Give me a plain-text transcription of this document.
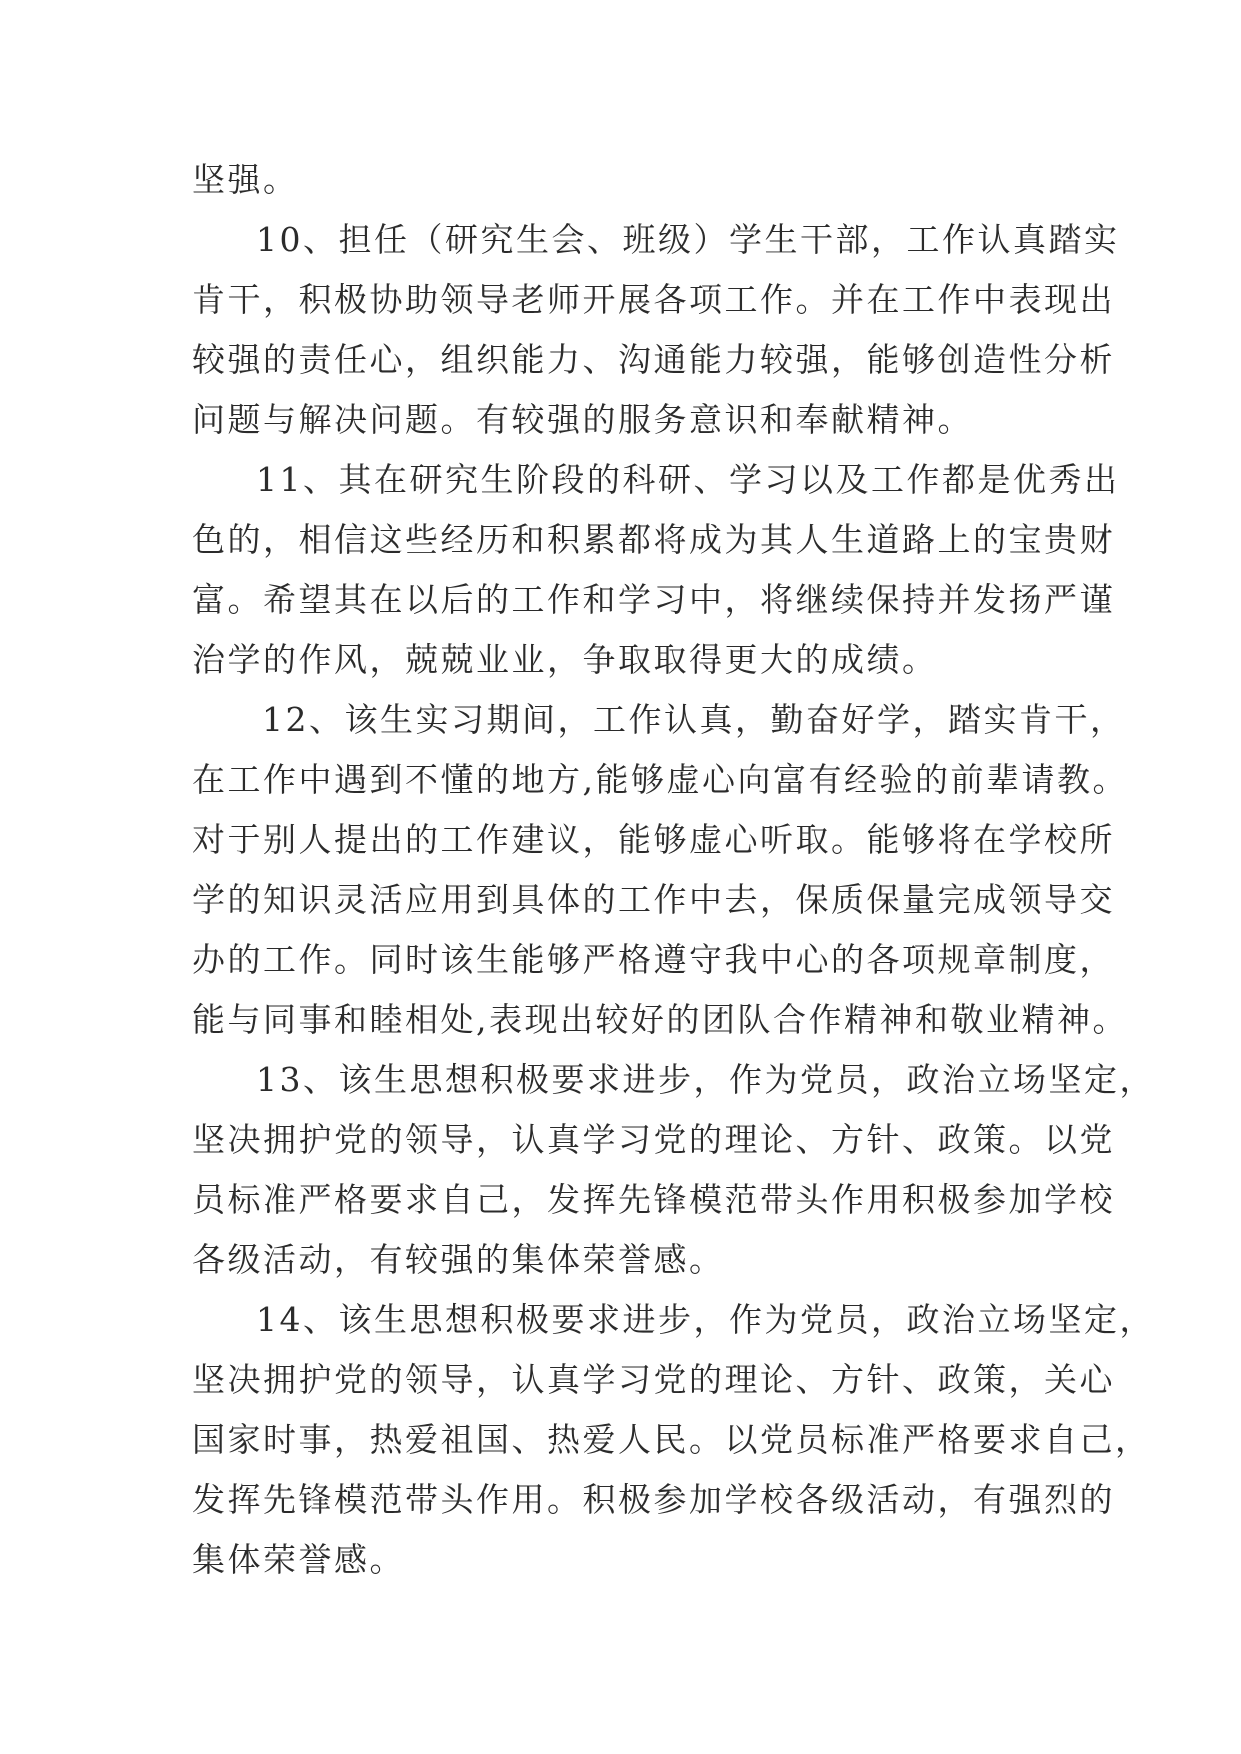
坚强。
10、担任（研究生会、班级）学生干部，工作认真踏实
肯干，积极协助领导老师开展各项工作。并在工作中表现出
较强的责任心，组织能力、沟通能力较强，能够创造性分析
问题与解决问题。有较强的服务意识和奉献精神。
11、其在研究生阶段的科研、学习以及工作都是优秀出
色的，相信这些经历和积累都将成为其人生道路上的宝贵财
富。希望其在以后的工作和学习中，将继续保持并发扬严谨
治学的作风，兢兢业业，争取取得更大的成绩。
12、该生实习期间，工作认真，勤奋好学，踏实肯干，
在工作中遇到不懂的地方,能够虚心向富有经验的前辈请教。
对于别人提出的工作建议，能够虚心听取。能够将在学校所
学的知识灵活应用到具体的工作中去，保质保量完成领导交
办的工作。同时该生能够严格遵守我中心的各项规章制度，
能与同事和睦相处,表现出较好的团队合作精神和敬业精神。
13、该生思想积极要求进步，作为党员，政治立场坚定，
坚决拥护党的领导，认真学习党的理论、方针、政策。以党
员标准严格要求自己，发挥先锋模范带头作用积极参加学校
各级活动，有较强的集体荣誉感。
14、该生思想积极要求进步，作为党员，政治立场坚定，
坚决拥护党的领导，认真学习党的理论、方针、政策，关心
国家时事，热爱祖国、热爱人民。以党员标准严格要求自己，
发挥先锋模范带头作用。积极参加学校各级活动，有强烈的
集体荣誉感。
